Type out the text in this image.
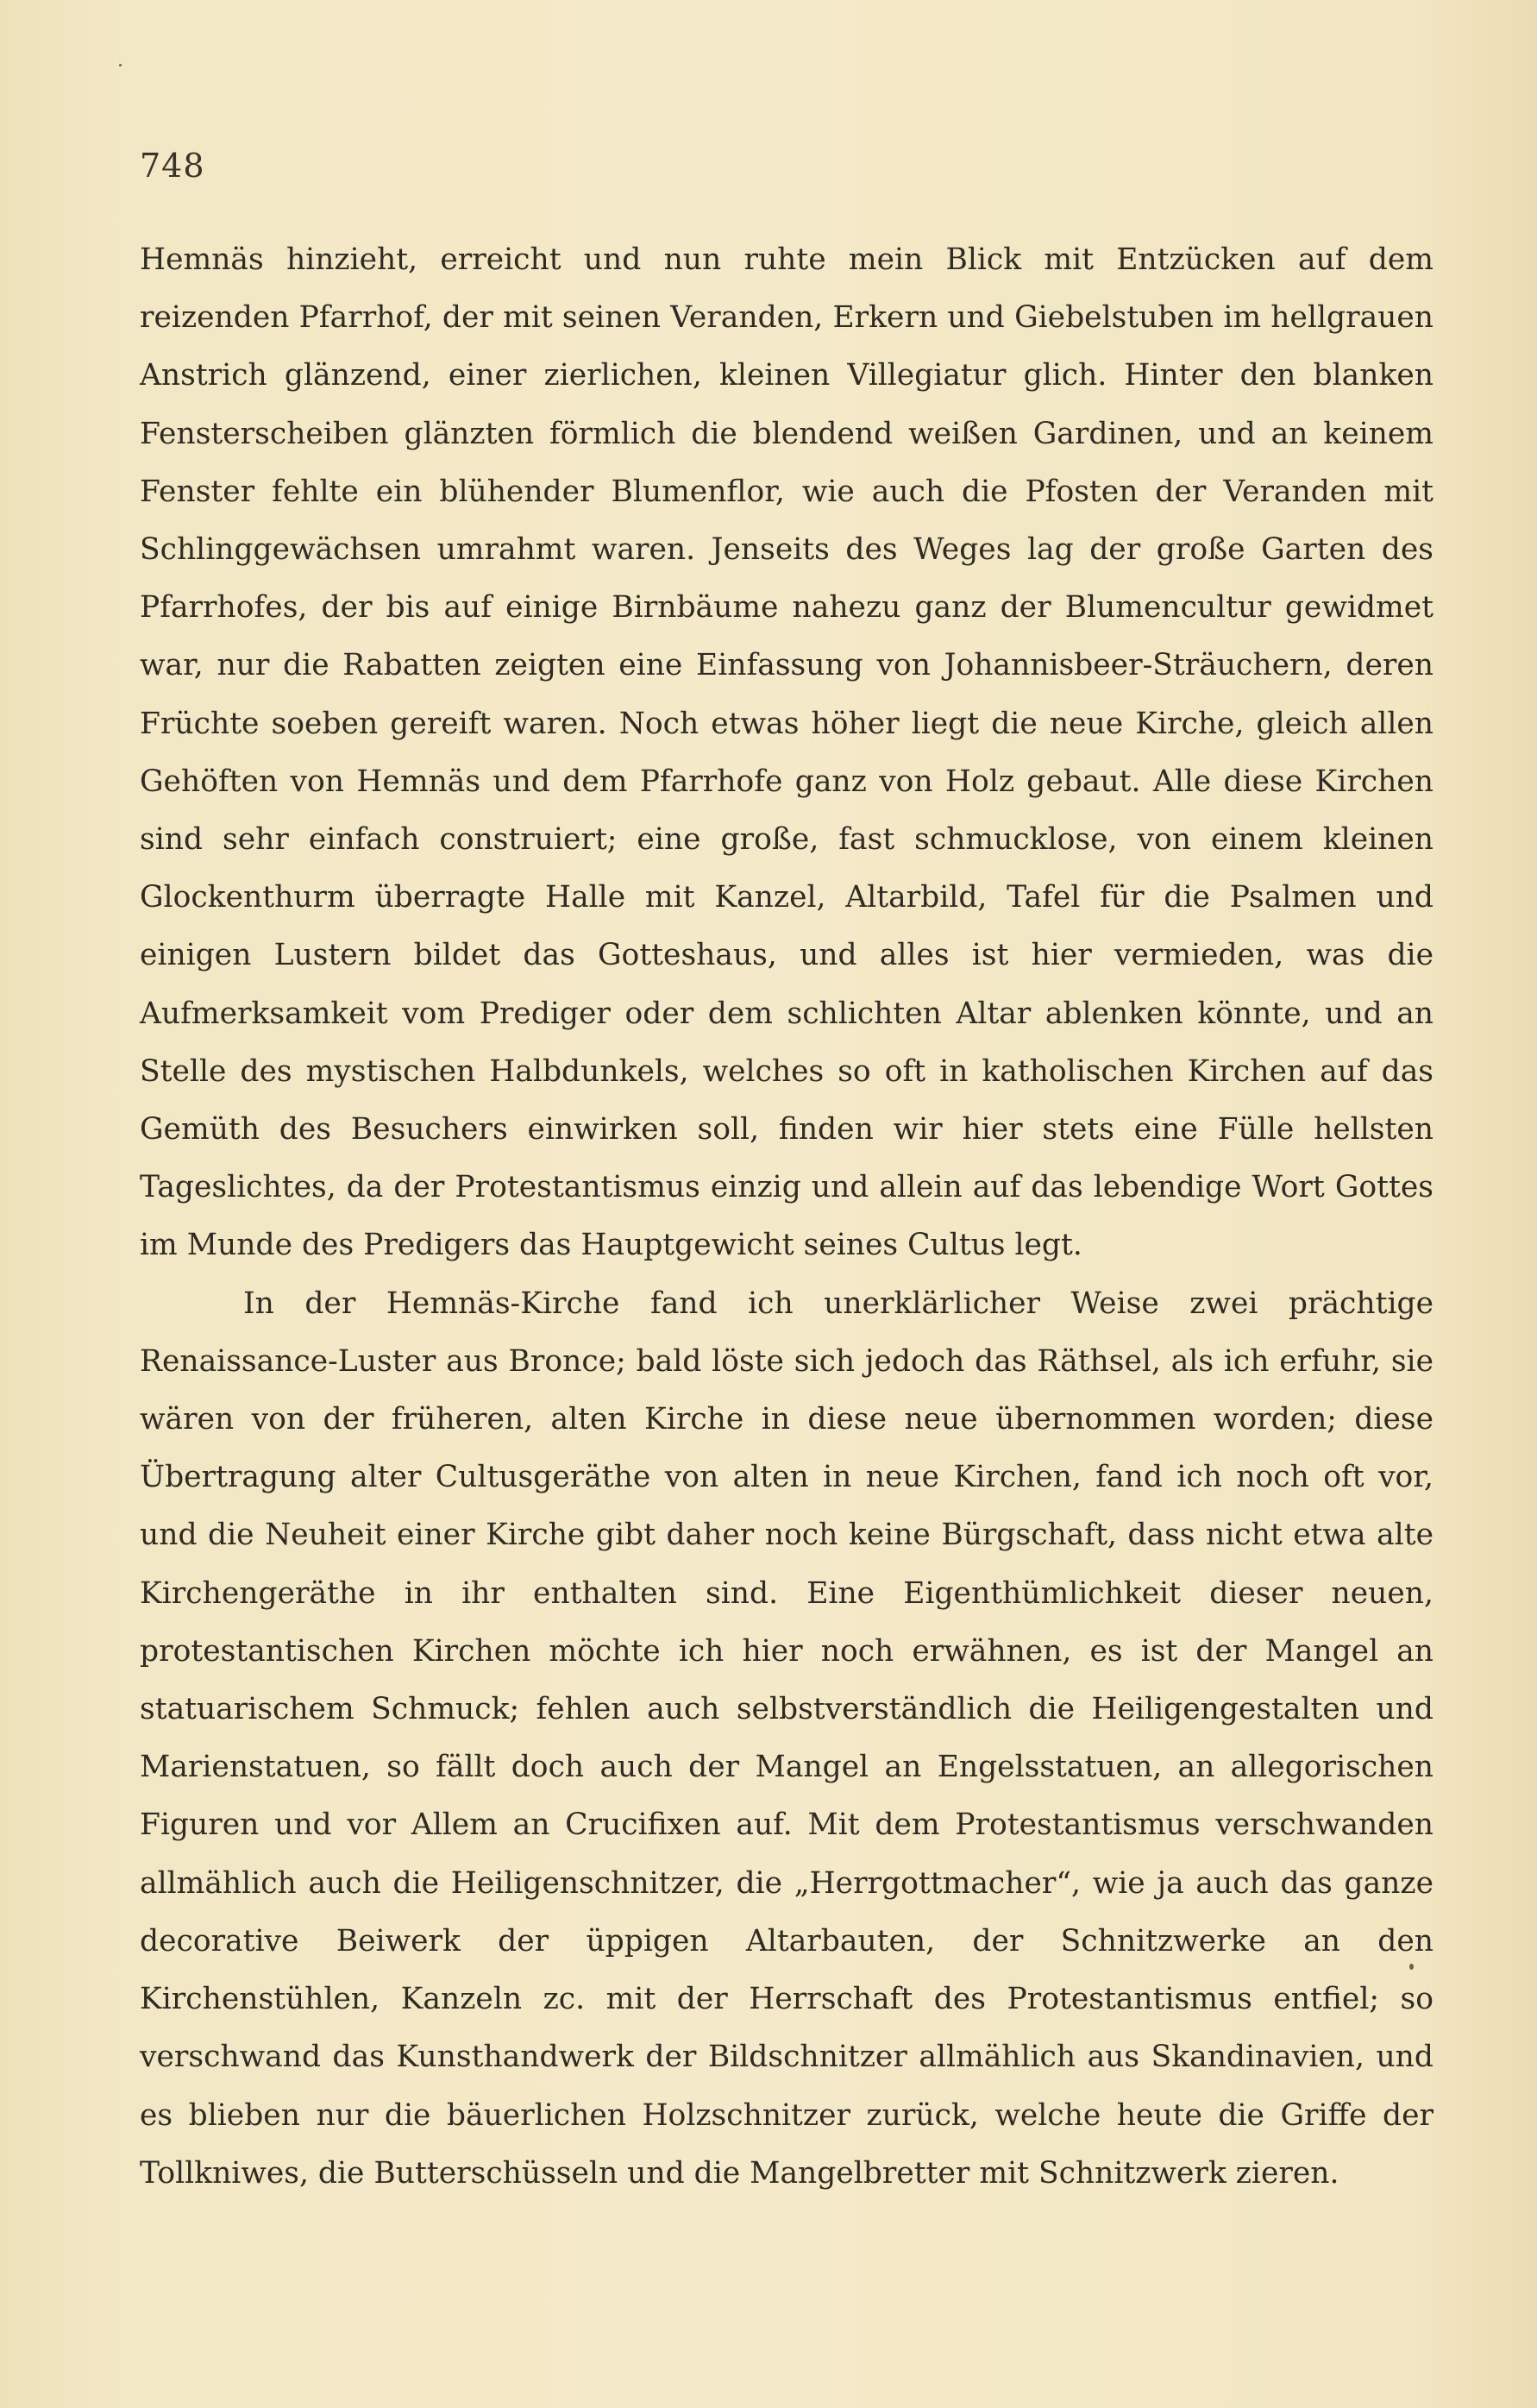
748

Hemnäs hinzieht, erreicht und nun ruhte mein Blick mit Entzücken auf dem reizenden Pfarrhof, der mit seinen Veranden, Erkern und Giebelstuben im hellgrauen Anstrich glänzend, einer zierlichen, kleinen Villegiatur glich. Hinter den blanken Fensterscheiben glänzten förmlich die blendend weißen Gardinen, und an keinem Fenster fehlte ein blühender Blumenflor, wie auch die Pfosten der Veranden mit Schlinggewächsen umrahmt waren. Jenseits des Weges lag der große Garten des Pfarrhofes, der bis auf einige Birnbäume nahezu ganz der Blumencultur gewidmet war, nur die Rabatten zeigten eine Einfassung von Johannisbeer-Sträuchern, deren Früchte soeben gereift waren. Noch etwas höher liegt die neue Kirche, gleich allen Gehöften von Hemnäs und dem Pfarrhofe ganz von Holz gebaut. Alle diese Kirchen sind sehr einfach construiert; eine große, fast schmucklose, von einem kleinen Glockenthurm überragte Halle mit Kanzel, Altarbild, Tafel für die Psalmen und einigen Lustern bildet das Gotteshaus, und alles ist hier vermieden, was die Aufmerksamkeit vom Prediger oder dem schlichten Altar ablenken könnte, und an Stelle des mystischen Halbdunkels, welches so oft in katholischen Kirchen auf das Gemüth des Besuchers einwirken soll, finden wir hier stets eine Fülle hellsten Tageslichtes, da der Protestantismus einzig und allein auf das lebendige Wort Gottes im Munde des Predigers das Hauptgewicht seines Cultus legt.

In der Hemnäs-Kirche fand ich unerklärlicher Weise zwei prächtige Renaissance-Luster aus Bronce; bald löste sich jedoch das Räthsel, als ich erfuhr, sie wären von der früheren, alten Kirche in diese neue übernommen worden; diese Übertragung alter Cultusgeräthe von alten in neue Kirchen, fand ich noch oft vor, und die Neuheit einer Kirche gibt daher noch keine Bürgschaft, dass nicht etwa alte Kirchengeräthe in ihr enthalten sind. Eine Eigenthümlichkeit dieser neuen, protestantischen Kirchen möchte ich hier noch erwähnen, es ist der Mangel an statuarischem Schmuck; fehlen auch selbstverständlich die Heiligengestalten und Marienstatuen, so fällt doch auch der Mangel an Engelsstatuen, an allegorischen Figuren und vor Allem an Crucifixen auf. Mit dem Protestantismus verschwanden allmählich auch die Heiligenschnitzer, die „Herrgottmacher“, wie ja auch das ganze decorative Beiwerk der üppigen Altarbauten, der Schnitzwerke an den Kirchenstühlen, Kanzeln zc. mit der Herrschaft des Protestantismus entfiel; so verschwand das Kunsthandwerk der Bildschnitzer allmählich aus Skandinavien, und es blieben nur die bäuerlichen Holzschnitzer zurück, welche heute die Griffe der Tollkniwes, die Butterschüsseln und die Mangelbretter mit Schnitzwerk zieren.
